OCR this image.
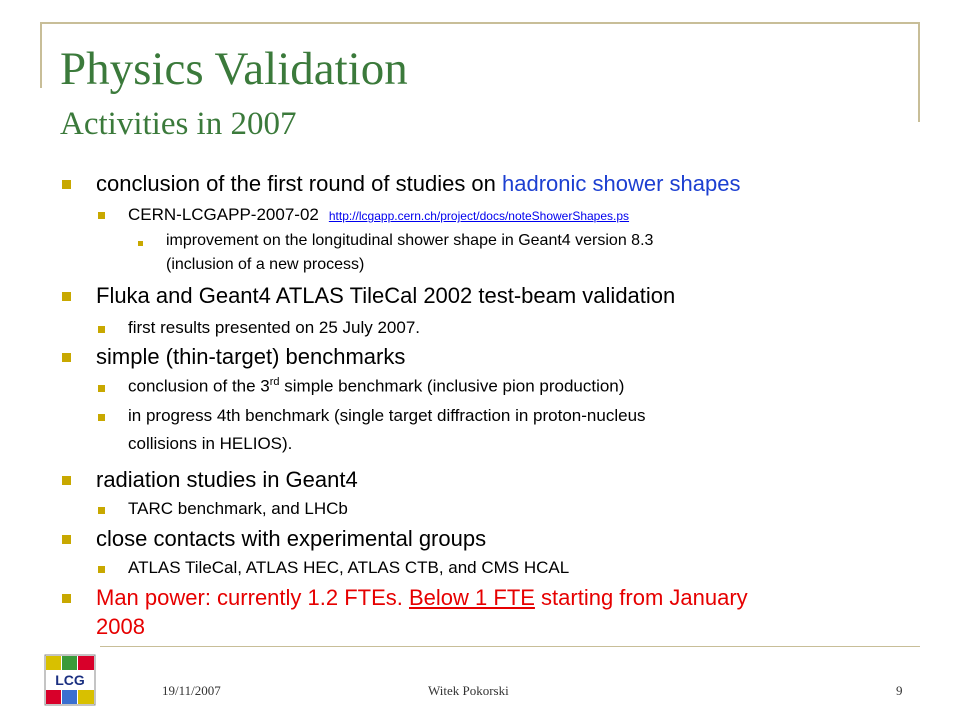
Physics Validation
Activities in 2007
conclusion of the first round of studies on hadronic shower shapes
CERN-LCGAPP-2007-02 http://lcgapp.cern.ch/project/docs/noteShowerShapes.ps
improvement on the longitudinal shower shape in Geant4 version 8.3
(inclusion of a new process)
Fluka and Geant4 ATLAS TileCal 2002 test-beam validation
first results presented on 25 July 2007.
simple (thin-target) benchmarks
conclusion of the 3rd simple benchmark (inclusive pion production)
in progress 4th benchmark (single target diffraction in proton-nucleus
collisions in HELIOS).
radiation studies in Geant4
TARC benchmark, and LHCb
close contacts with experimental groups
ATLAS TileCal, ATLAS HEC, ATLAS CTB, and CMS HCAL
Man power: currently 1.2 FTEs. Below 1 FTE starting from January
2008
LCG
19/11/2007	Witek Pokorski	9
